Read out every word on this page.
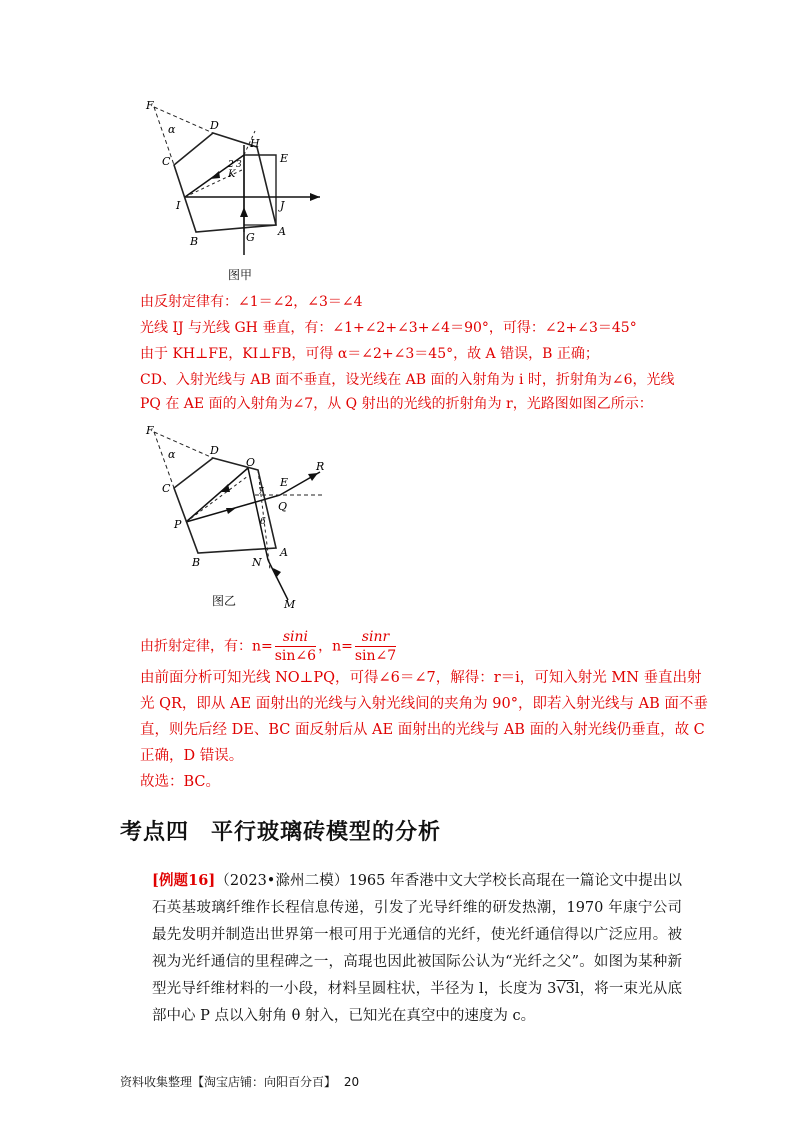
F
α	D
H
E
C
K
2 3
I	J
B	G A
图甲
由反射定律有：∠1＝∠2，∠3＝∠4
光线 IJ 与光线 GH 垂直，有：∠1+∠2+∠3+∠4＝90°，可得：∠2+∠3＝45°
由于 KH⊥FE，KI⊥FB，可得 α＝∠2+∠3＝45°，故 A 错误，B 正确；
CD、入射光线与 AB 面不垂直，设光线在 AB 面的入射角为 i 时，折射角为∠6，光线
PQ 在 AE 面的入射角为∠7，从 Q 射出的光线的折射角为 r，光路图如图乙所示：
F
α	D
O	R
E
C	7
Q
P	6
B	N
A
M
图乙
由折射定律，有：$n= \frac{\sin i}{\sin\angle 6}$ ，$n= \frac{\sin r}{\sin\angle 7}$
由前面分析可知光线 NO⊥PQ，可得∠6＝∠7，解得：r＝i，可知入射光 MN 垂直出射
光 QR，即从 AE 面射出的光线与入射光线间的夹角为 90°，即若入射光线与 AB 面不垂
直，则先后经 DE、BC 面反射后从 AE 面射出的光线与 AB 面的入射光线仍垂直，故 C
正确，D 错误。
故选：BC。
考点四 平行玻璃砖模型的分析
[例题16]（2023•滁州二模）1965 年香港中文大学校长高琨在一篇论文中提出以石英基玻璃纤维作长程信息传递，引发了光导纤维的研发热潮，1970 年康宁公司最先发明并制造出世界第一根可用于光通信的光纤，使光纤通信得以广泛应用。被视为光纤通信的里程碑之一，高琨也因此被国际公认为“光纤之父”。如图为某种新型光导纤维材料的一小段，材料呈圆柱状，半径为 l，长度为 3√3l，将一束光从底部中心 P 点以入射角 θ 射入，已知光在真空中的速度为 c。
资料收集整理【淘宝店铺：向阳百分百】 20
